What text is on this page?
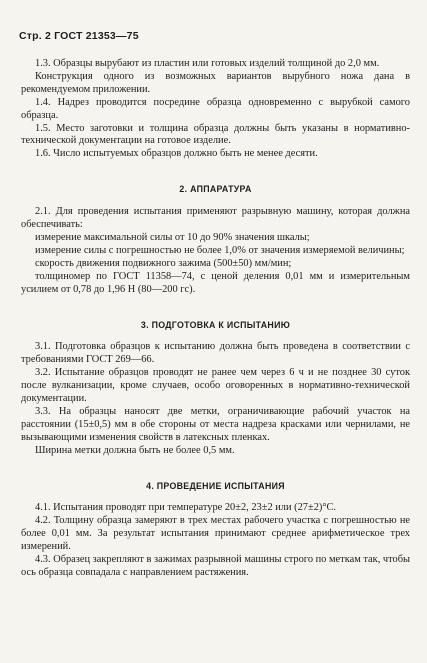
Стр. 2 ГОСТ 21353—75

1.3. Образцы вырубают из пластин или готовых изделий толщиной до 2,0 мм.

Конструкция одного из возможных вариантов вырубного ножа дана в рекомендуемом приложении.

1.4. Надрез проводится посредине образца одновременно с вырубкой самого образца.

1.5. Место заготовки и толщина образца должны быть указаны в нормативно-технической документации на готовое изделие.

1.6. Число испытуемых образцов должно быть не менее десяти.

2. АППАРАТУРА

2.1. Для проведения испытания применяют разрывную машину, которая должна обеспечивать:

измерение максимальной силы от 10 до 90% значения шкалы;

измерение силы с погрешностью не более 1,0% от значения измеряемой величины;

скорость движения подвижного зажима (500±50) мм/мин;

толщиномер по ГОСТ 11358—74, с ценой деления 0,01 мм и измерительным усилием от 0,78 до 1,96 Н (80—200 гс).

3. ПОДГОТОВКА К ИСПЫТАНИЮ

3.1. Подготовка образцов к испытанию должна быть проведена в соответствии с требованиями ГОСТ 269—66.

3.2. Испытание образцов проводят не ранее чем через 6 ч и не позднее 30 суток после вулканизации, кроме случаев, особо оговоренных в нормативно-технической документации.

3.3. На образцы наносят две метки, ограничивающие рабочий участок на расстоянии (15±0,5) мм в обе стороны от места надреза красками или чернилами, не вызывающими изменения свойств в латексных пленках.

Ширина метки должна быть не более 0,5 мм.

4. ПРОВЕДЕНИЕ ИСПЫТАНИЯ

4.1. Испытания проводят при температуре 20±2, 23±2 или (27±2)°С.

4.2. Толщину образца замеряют в трех местах рабочего участка с погрешностью не более 0,01 мм. За результат испытания принимают среднее арифметическое трех измерений.

4.3. Образец закрепляют в зажимах разрывной машины строго по меткам так, чтобы ось образца совпадала с направлением растяжения.
